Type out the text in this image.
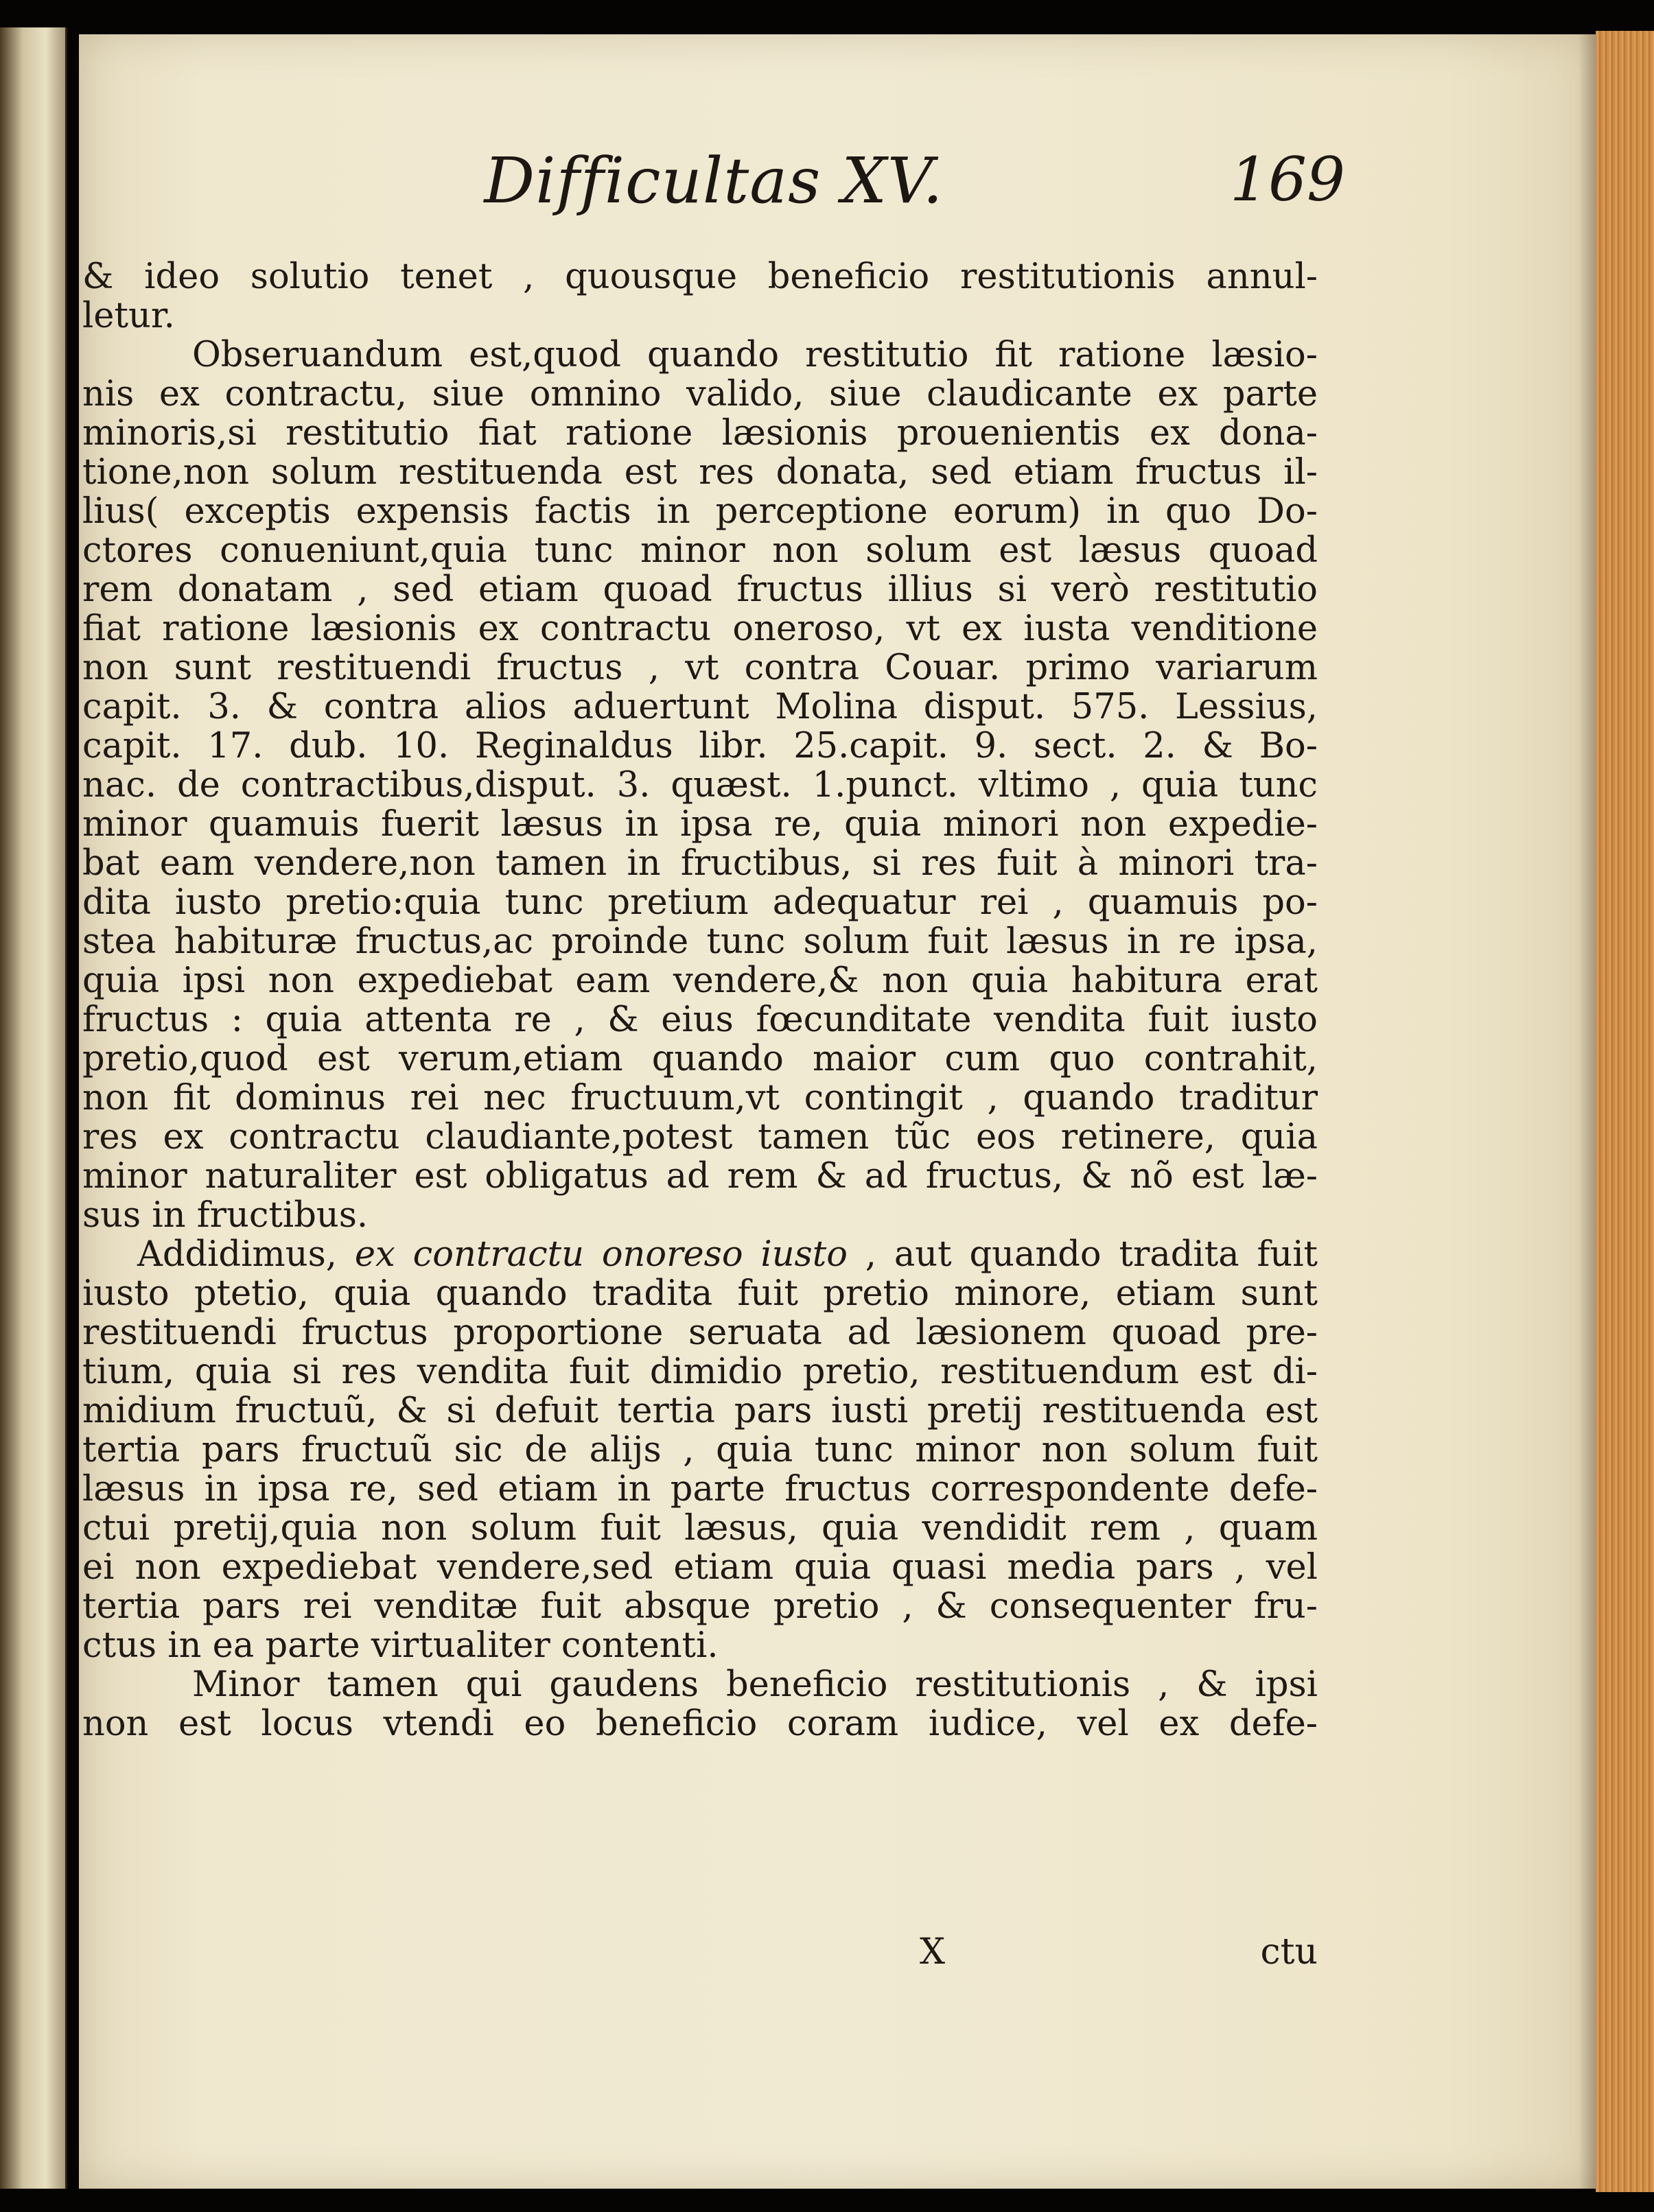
Difficultas XV.	169
& ideo solutio tenet , quousque beneficio restitutionis annul-
letur.
Obseruandum est,quod quando restitutio fit ratione læsio-
nis ex contractu, siue omnino valido, siue claudicante ex parte
minoris,si restitutio fiat ratione læsionis prouenientis ex dona-
tione,non solum restituenda est res donata, sed etiam fructus il-
lius( exceptis expensis factis in perceptione eorum) in quo Do-
ctores conueniunt,quia tunc minor non solum est læsus quoad
rem donatam , sed etiam quoad fructus illius si verò restitutio
fiat ratione læsionis ex contractu oneroso, vt ex iusta venditione
non sunt restituendi fructus , vt contra Couar. primo variarum
capit. 3. & contra alios aduertunt Molina disput. 575. Lessius,
capit. 17. dub. 10. Reginaldus libr. 25.capit. 9. sect. 2. & Bo-
nac. de contractibus,disput. 3. quæst. 1.punct. vltimo , quia tunc
minor quamuis fuerit læsus in ipsa re, quia minori non expedie-
bat eam vendere,non tamen in fructibus, si res fuit à minori tra-
dita iusto pretio:quia tunc pretium adequatur rei , quamuis po-
stea habituræ fructus,ac proinde tunc solum fuit læsus in re ipsa,
quia ipsi non expediebat eam vendere,& non quia habitura erat
fructus : quia attenta re , & eius fœcunditate vendita fuit iusto
pretio,quod est verum,etiam quando maior cum quo contrahit,
non fit dominus rei nec fructuum,vt contingit , quando traditur
res ex contractu claudiante,potest tamen tũc eos retinere, quia
minor naturaliter est obligatus ad rem & ad fructus, & nõ est læ-
sus in fructibus.
Addidimus, ex contractu onoreso iusto , aut quando tradita fuit
iusto ptetio, quia quando tradita fuit pretio minore, etiam sunt
restituendi fructus proportione seruata ad læsionem quoad pre-
tium, quia si res vendita fuit dimidio pretio, restituendum est di-
midium fructuũ, & si defuit tertia pars iusti pretij restituenda est
tertia pars fructuũ sic de alijs , quia tunc minor non solum fuit
læsus in ipsa re, sed etiam in parte fructus correspondente defe-
ctui pretij,quia non solum fuit læsus, quia vendidit rem , quam
ei non expediebat vendere,sed etiam quia quasi media pars , vel
tertia pars rei venditæ fuit absque pretio , & consequenter fru-
ctus in ea parte virtualiter contenti.
Minor tamen qui gaudens beneficio restitutionis , & ipsi
non est locus vtendi eo beneficio coram iudice, vel ex defe-
X	ctu
